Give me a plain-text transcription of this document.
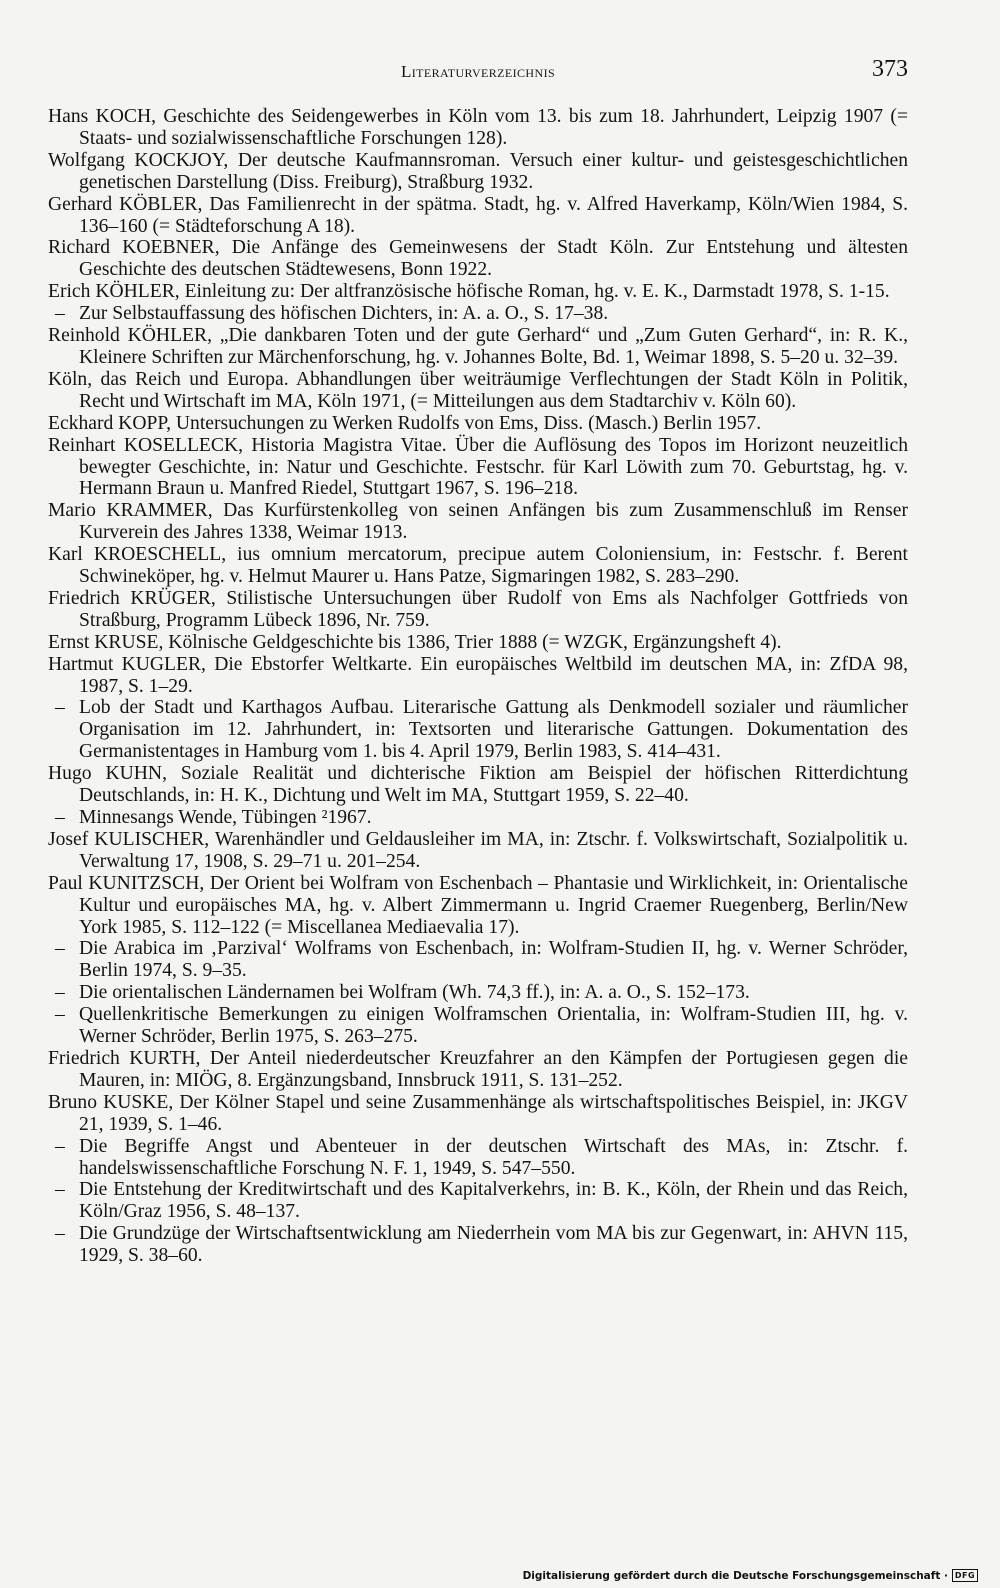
Literaturverzeichnis	373

Hans KOCH, Geschichte des Seidengewerbes in Köln vom 13. bis zum 18. Jahrhundert, Leipzig 1907 (= Staats- und sozialwissenschaftliche Forschungen 128).

Wolfgang KOCKJOY, Der deutsche Kaufmannsroman. Versuch einer kultur- und geistesgeschichtlichen genetischen Darstellung (Diss. Freiburg), Straßburg 1932.

Gerhard KÖBLER, Das Familienrecht in der spätma. Stadt, hg. v. Alfred Haverkamp, Köln/Wien 1984, S. 136–160 (= Städteforschung A 18).

Richard KOEBNER, Die Anfänge des Gemeinwesens der Stadt Köln. Zur Entstehung und ältesten Geschichte des deutschen Städtewesens, Bonn 1922.

Erich KÖHLER, Einleitung zu: Der altfranzösische höfische Roman, hg. v. E. K., Darmstadt 1978, S. 1-15.

– Zur Selbstauffassung des höfischen Dichters, in: A. a. O., S. 17–38.

Reinhold KÖHLER, „Die dankbaren Toten und der gute Gerhard“ und „Zum Guten Gerhard“, in: R. K., Kleinere Schriften zur Märchenforschung, hg. v. Johannes Bolte, Bd. 1, Weimar 1898, S. 5–20 u. 32–39.

Köln, das Reich und Europa. Abhandlungen über weiträumige Verflechtungen der Stadt Köln in Politik, Recht und Wirtschaft im MA, Köln 1971, (= Mitteilungen aus dem Stadtarchiv v. Köln 60).

Eckhard KOPP, Untersuchungen zu Werken Rudolfs von Ems, Diss. (Masch.) Berlin 1957.

Reinhart KOSELLECK, Historia Magistra Vitae. Über die Auflösung des Topos im Horizont neuzeitlich bewegter Geschichte, in: Natur und Geschichte. Festschr. für Karl Löwith zum 70. Geburtstag, hg. v. Hermann Braun u. Manfred Riedel, Stuttgart 1967, S. 196–218.

Mario KRAMMER, Das Kurfürstenkolleg von seinen Anfängen bis zum Zusammenschluß im Renser Kurverein des Jahres 1338, Weimar 1913.

Karl KROESCHELL, ius omnium mercatorum, precipue autem Coloniensium, in: Festschr. f. Berent Schwineköper, hg. v. Helmut Maurer u. Hans Patze, Sigmaringen 1982, S. 283–290.

Friedrich KRÜGER, Stilistische Untersuchungen über Rudolf von Ems als Nachfolger Gottfrieds von Straßburg, Programm Lübeck 1896, Nr. 759.

Ernst KRUSE, Kölnische Geldgeschichte bis 1386, Trier 1888 (= WZGK, Ergänzungsheft 4).

Hartmut KUGLER, Die Ebstorfer Weltkarte. Ein europäisches Weltbild im deutschen MA, in: ZfDA 98, 1987, S. 1–29.

– Lob der Stadt und Karthagos Aufbau. Literarische Gattung als Denkmodell sozialer und räumlicher Organisation im 12. Jahrhundert, in: Textsorten und literarische Gattungen. Dokumentation des Germanistentages in Hamburg vom 1. bis 4. April 1979, Berlin 1983, S. 414–431.

Hugo KUHN, Soziale Realität und dichterische Fiktion am Beispiel der höfischen Ritterdichtung Deutschlands, in: H. K., Dichtung und Welt im MA, Stuttgart 1959, S. 22–40.

– Minnesangs Wende, Tübingen ²1967.

Josef KULISCHER, Warenhändler und Geldausleiher im MA, in: Ztschr. f. Volkswirtschaft, Sozialpolitik u. Verwaltung 17, 1908, S. 29–71 u. 201–254.

Paul KUNITZSCH, Der Orient bei Wolfram von Eschenbach – Phantasie und Wirklichkeit, in: Orientalische Kultur und europäisches MA, hg. v. Albert Zimmermann u. Ingrid Craemer Ruegenberg, Berlin/New York 1985, S. 112–122 (= Miscellanea Mediaevalia 17).

– Die Arabica im ‚Parzival‘ Wolframs von Eschenbach, in: Wolfram-Studien II, hg. v. Werner Schröder, Berlin 1974, S. 9–35.

– Die orientalischen Ländernamen bei Wolfram (Wh. 74,3 ff.), in: A. a. O., S. 152–173.

– Quellenkritische Bemerkungen zu einigen Wolframschen Orientalia, in: Wolfram-Studien III, hg. v. Werner Schröder, Berlin 1975, S. 263–275.

Friedrich KURTH, Der Anteil niederdeutscher Kreuzfahrer an den Kämpfen der Portugiesen gegen die Mauren, in: MIÖG, 8. Ergänzungsband, Innsbruck 1911, S. 131–252.

Bruno KUSKE, Der Kölner Stapel und seine Zusammenhänge als wirtschaftspolitisches Beispiel, in: JKGV 21, 1939, S. 1–46.

– Die Begriffe Angst und Abenteuer in der deutschen Wirtschaft des MAs, in: Ztschr. f. handelswissenschaftliche Forschung N. F. 1, 1949, S. 547–550.

– Die Entstehung der Kreditwirtschaft und des Kapitalverkehrs, in: B. K., Köln, der Rhein und das Reich, Köln/Graz 1956, S. 48–137.

– Die Grundzüge der Wirtschaftsentwicklung am Niederrhein vom MA bis zur Gegenwart, in: AHVN 115, 1929, S. 38–60.

Digitalisierung gefördert durch die Deutsche Forschungsgemeinschaft · DFG
